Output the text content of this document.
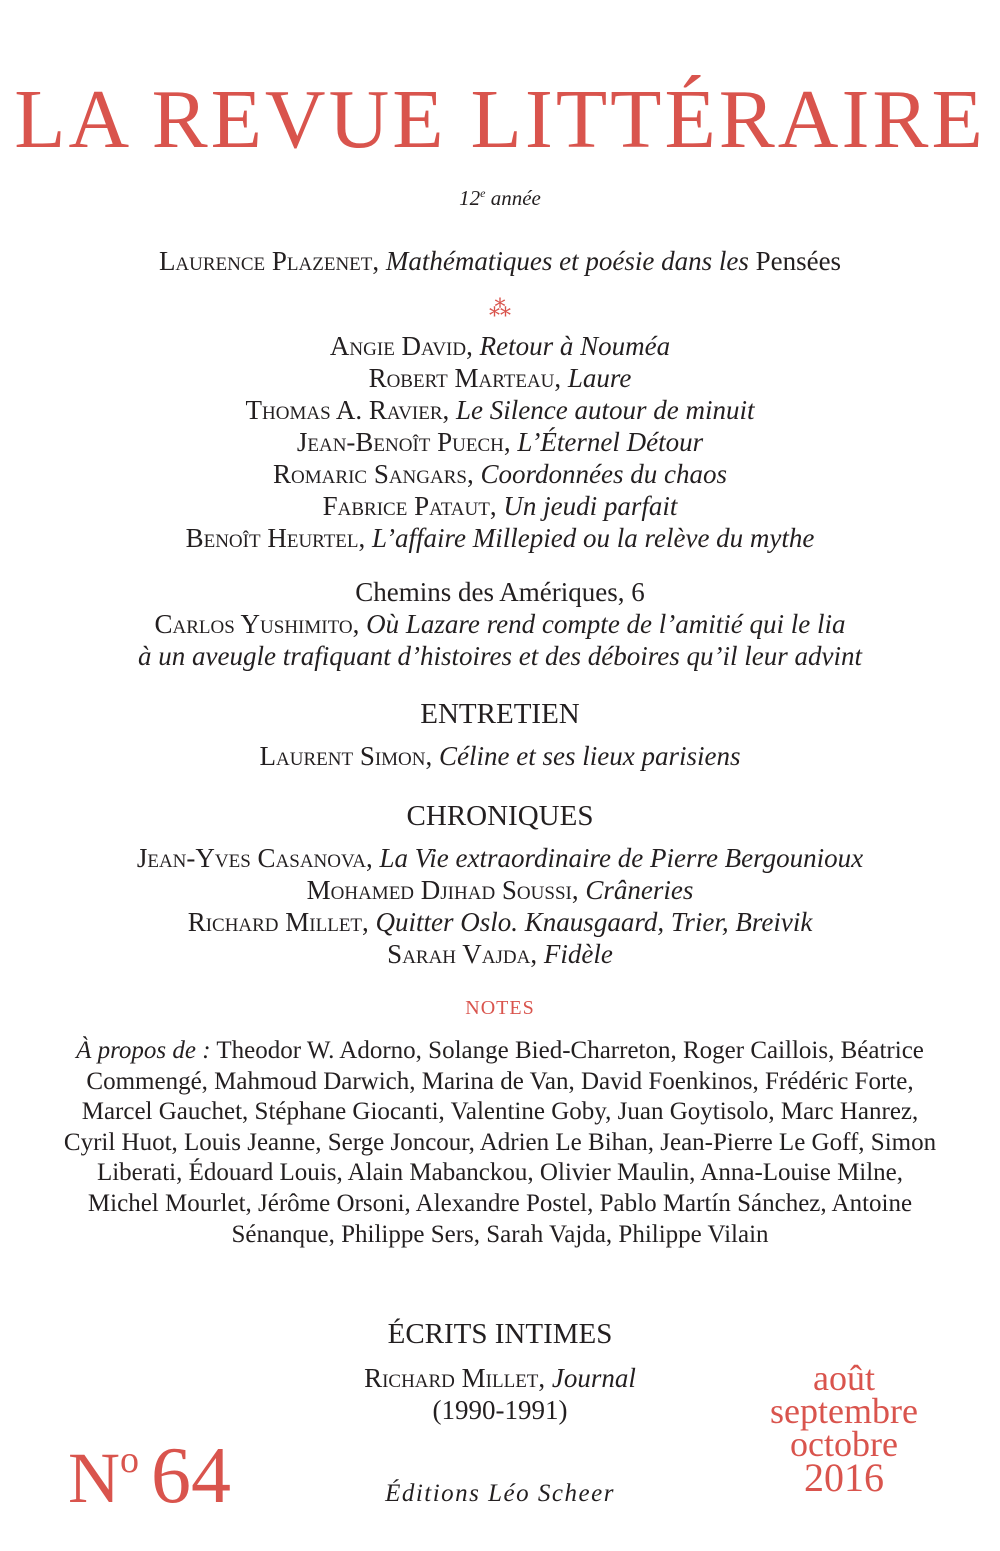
LA REVUE LITTÉRAIRE
12e année
Laurence Plazenet, Mathématiques et poésie dans les Pensées
⁂
Angie David, Retour à Nouméa
Robert Marteau, Laure
Thomas A. Ravier, Le Silence autour de minuit
Jean-Benoît Puech, L’Éternel Détour
Romaric Sangars, Coordonnées du chaos
Fabrice Pataut, Un jeudi parfait
Benoît Heurtel, L’affaire Millepied ou la relève du mythe
Chemins des Amériques, 6
Carlos Yushimito, Où Lazare rend compte de l’amitié qui le lia
à un aveugle trafiquant d’histoires et des déboires qu’il leur advint
ENTRETIEN
Laurent Simon, Céline et ses lieux parisiens
CHRONIQUES
Jean-Yves Casanova, La Vie extraordinaire de Pierre Bergounioux
Mohamed Djihad Soussi, Crâneries
Richard Millet, Quitter Oslo. Knausgaard, Trier, Breivik
Sarah Vajda, Fidèle
NOTES
À propos de : Theodor W. Adorno, Solange Bied-Charreton, Roger Caillois, Béatrice Commengé, Mahmoud Darwich, Marina de Van, David Foenkinos, Frédéric Forte, Marcel Gauchet, Stéphane Giocanti, Valentine Goby, Juan Goytisolo, Marc Hanrez, Cyril Huot, Louis Jeanne, Serge Joncour, Adrien Le Bihan, Jean-Pierre Le Goff, Simon Liberati, Édouard Louis, Alain Mabanckou, Olivier Maulin, Anna-Louise Milne, Michel Mourlet, Jérôme Orsoni, Alexandre Postel, Pablo Martín Sánchez, Antoine Sénanque, Philippe Sers, Sarah Vajda, Philippe Vilain
ÉCRITS INTIMES
Richard Millet, Journal
(1990-1991)
$N^o$ 64	Éditions Léo Scheer
août
septembre
octobre
2016
